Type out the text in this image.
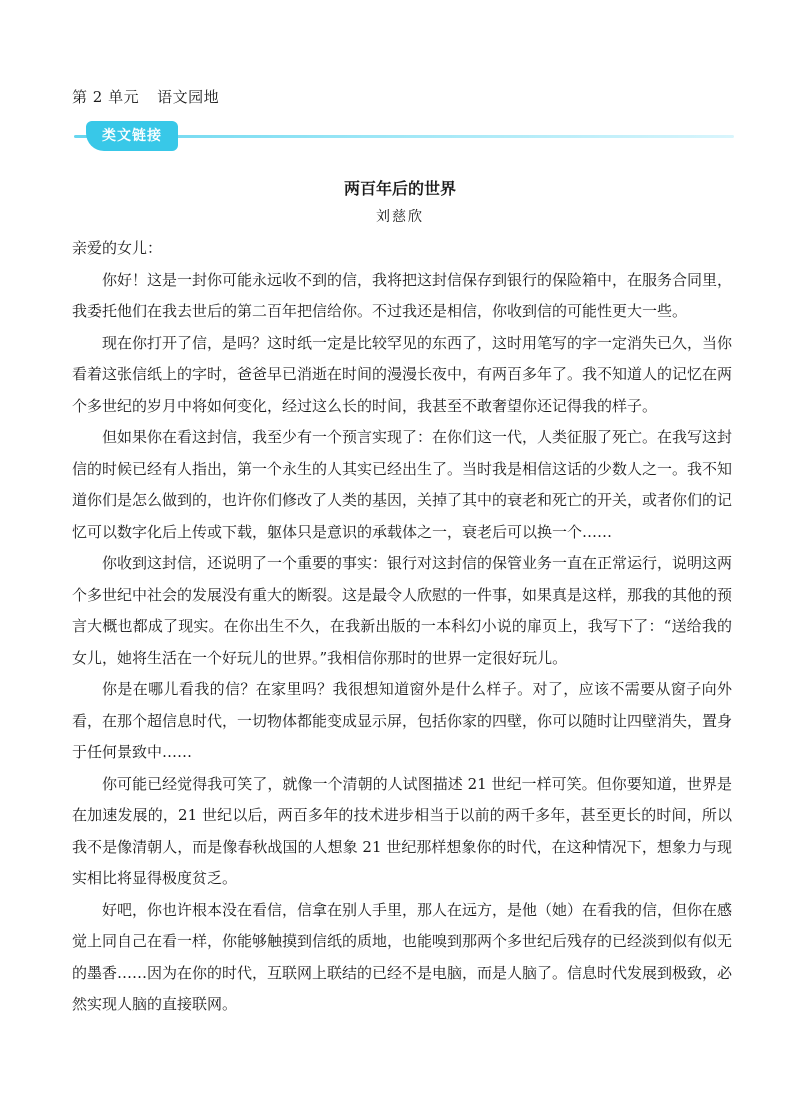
第 2 单元 语文园地
类文链接
两百年后的世界
刘慈欣

亲爱的女儿：

你好！这是一封你可能永远收不到的信，我将把这封信保存到银行的保险箱中，在服务合同里，我委托他们在我去世后的第二百年把信给你。不过我还是相信，你收到信的可能性更大一些。

现在你打开了信，是吗？这时纸一定是比较罕见的东西了，这时用笔写的字一定消失已久，当你看着这张信纸上的字时，爸爸早已消逝在时间的漫漫长夜中，有两百多年了。我不知道人的记忆在两个多世纪的岁月中将如何变化，经过这么长的时间，我甚至不敢奢望你还记得我的样子。

但如果你在看这封信，我至少有一个预言实现了：在你们这一代，人类征服了死亡。在我写这封信的时候已经有人指出，第一个永生的人其实已经出生了。当时我是相信这话的少数人之一。我不知道你们是怎么做到的，也许你们修改了人类的基因，关掉了其中的衰老和死亡的开关，或者你们的记忆可以数字化后上传或下载，躯体只是意识的承载体之一，衰老后可以换一个……

你收到这封信，还说明了一个重要的事实：银行对这封信的保管业务一直在正常运行，说明这两个多世纪中社会的发展没有重大的断裂。这是最令人欣慰的一件事，如果真是这样，那我的其他的预言大概也都成了现实。在你出生不久，在我新出版的一本科幻小说的扉页上，我写下了：“送给我的女儿，她将生活在一个好玩儿的世界。”我相信你那时的世界一定很好玩儿。

你是在哪儿看我的信？在家里吗？我很想知道窗外是什么样子。对了，应该不需要从窗子向外看，在那个超信息时代，一切物体都能变成显示屏，包括你家的四壁，你可以随时让四壁消失，置身于任何景致中……

你可能已经觉得我可笑了，就像一个清朝的人试图描述 21 世纪一样可笑。但你要知道，世界是在加速发展的，21 世纪以后，两百多年的技术进步相当于以前的两千多年，甚至更长的时间，所以我不是像清朝人，而是像春秋战国的人想象 21 世纪那样想象你的时代，在这种情况下，想象力与现实相比将显得极度贫乏。

好吧，你也许根本没在看信，信拿在别人手里，那人在远方，是他（她）在看我的信，但你在感觉上同自己在看一样，你能够触摸到信纸的质地，也能嗅到那两个多世纪后残存的已经淡到似有似无的墨香……因为在你的时代，互联网上联结的已经不是电脑，而是人脑了。信息时代发展到极致，必然实现人脑的直接联网。
